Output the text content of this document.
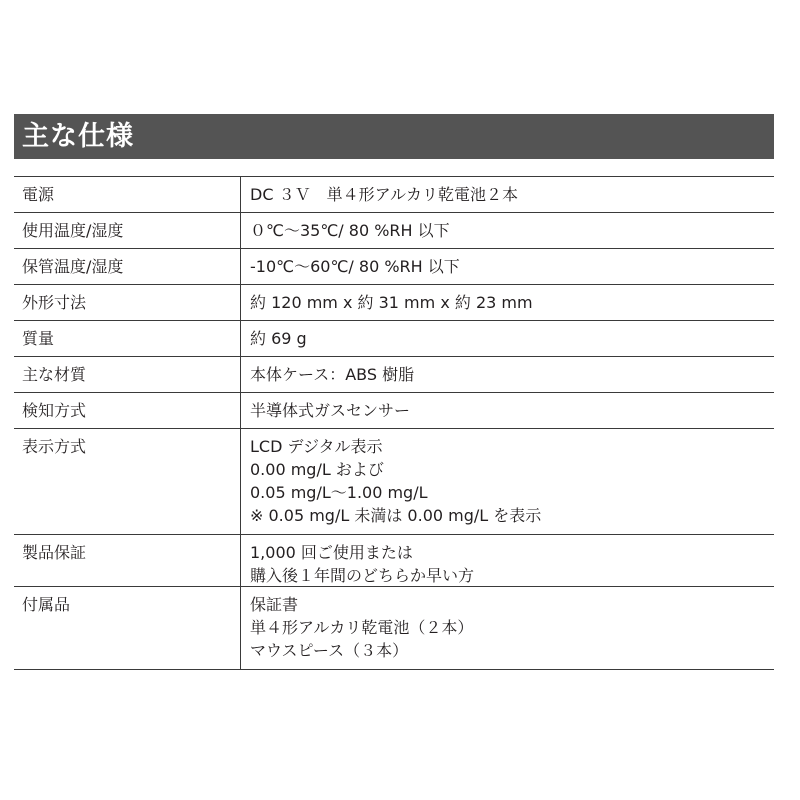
主な仕様
電源	DC ３Ｖ　単４形アルカリ乾電池２本
使用温度/湿度	０℃～35℃/ 80 %RH 以下
保管温度/湿度	-10℃～60℃/ 80 %RH 以下
外形寸法	約 120 mm x 約 31 mm x 約 23 mm
質量	約 69 g
主な材質	本体ケース：ABS 樹脂
検知方式	半導体式ガスセンサー
表示方式	LCD デジタル表示
0.00 mg/L および
0.05 mg/L～1.00 mg/L
※ 0.05 mg/L 未満は 0.00 mg/L を表示
製品保証	1,000 回ご使用または
購入後１年間のどちらか早い方
付属品	保証書
単４形アルカリ乾電池（２本）
マウスピース（３本）
